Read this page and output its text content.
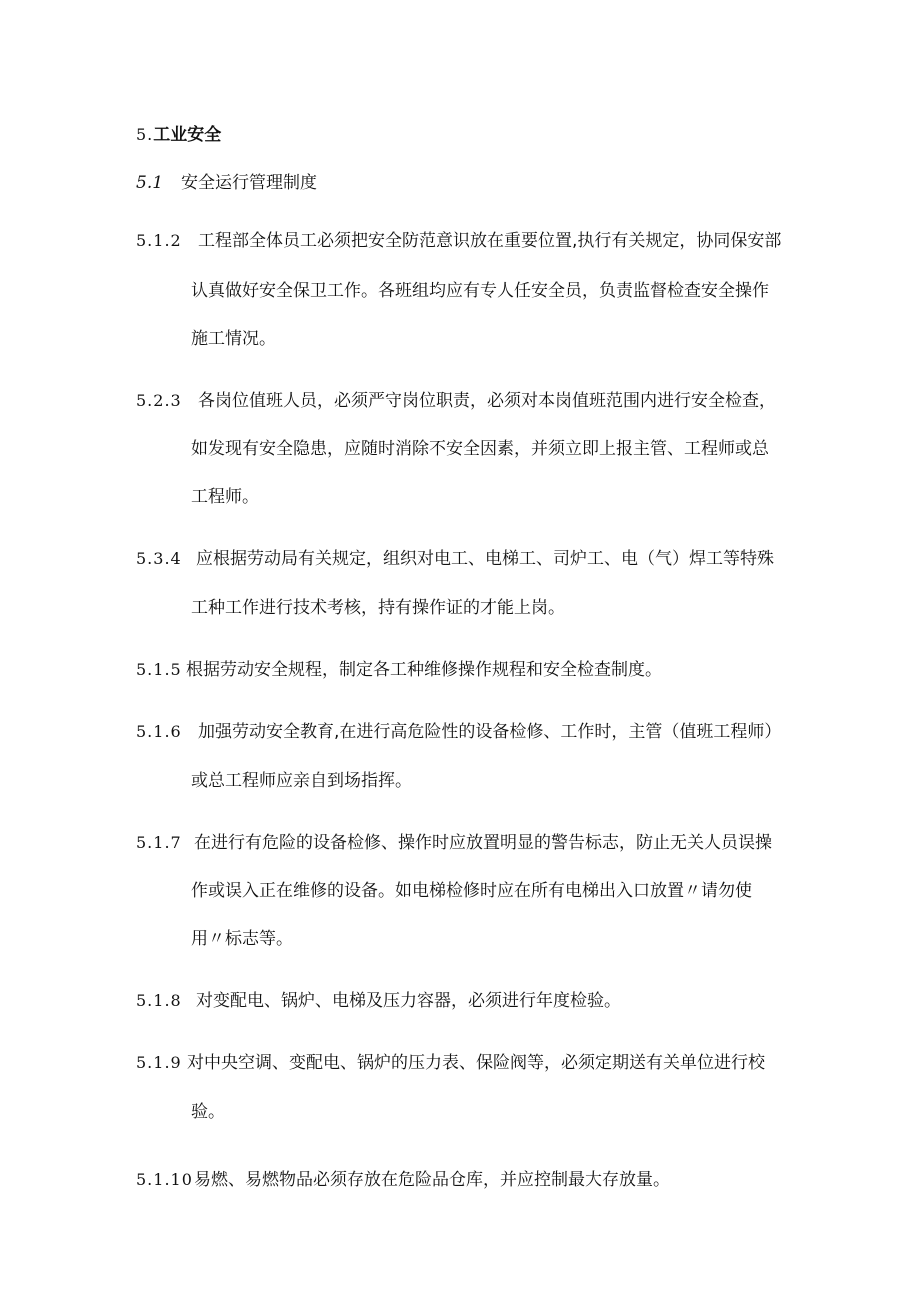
5.工业安全
5.1 安全运行管理制度
5.1.2 工程部全体员工必须把安全防范意识放在重要位置,执行有关规定，协同保安部
认真做好安全保卫工作。各班组均应有专人任安全员，负责监督检查安全操作
施工情况。
5.2.3 各岗位值班人员，必须严守岗位职责，必须对本岗值班范围内进行安全检查，
如发现有安全隐患，应随时消除不安全因素，并须立即上报主管、工程师或总
工程师。
5.3.4 应根据劳动局有关规定，组织对电工、电梯工、司炉工、电（气）焊工等特殊
工种工作进行技术考核，持有操作证的才能上岗。
5.1.5 根据劳动安全规程，制定各工种维修操作规程和安全检查制度。
5.1.6 加强劳动安全教育,在进行高危险性的设备检修、工作时，主管（值班工程师）
或总工程师应亲自到场指挥。
5.1.7 在进行有危险的设备检修、操作时应放置明显的警告标志，防止无关人员误操
作或误入正在维修的设备。如电梯检修时应在所有电梯出入口放置〃请勿使
用〃标志等。
5.1.8 对变配电、锅炉、电梯及压力容器，必须进行年度检验。
5.1.9 对中央空调、变配电、锅炉的压力表、保险阀等，必须定期送有关单位进行校
验。
5.1.10易燃、易燃物品必须存放在危险品仓库，并应控制最大存放量。
